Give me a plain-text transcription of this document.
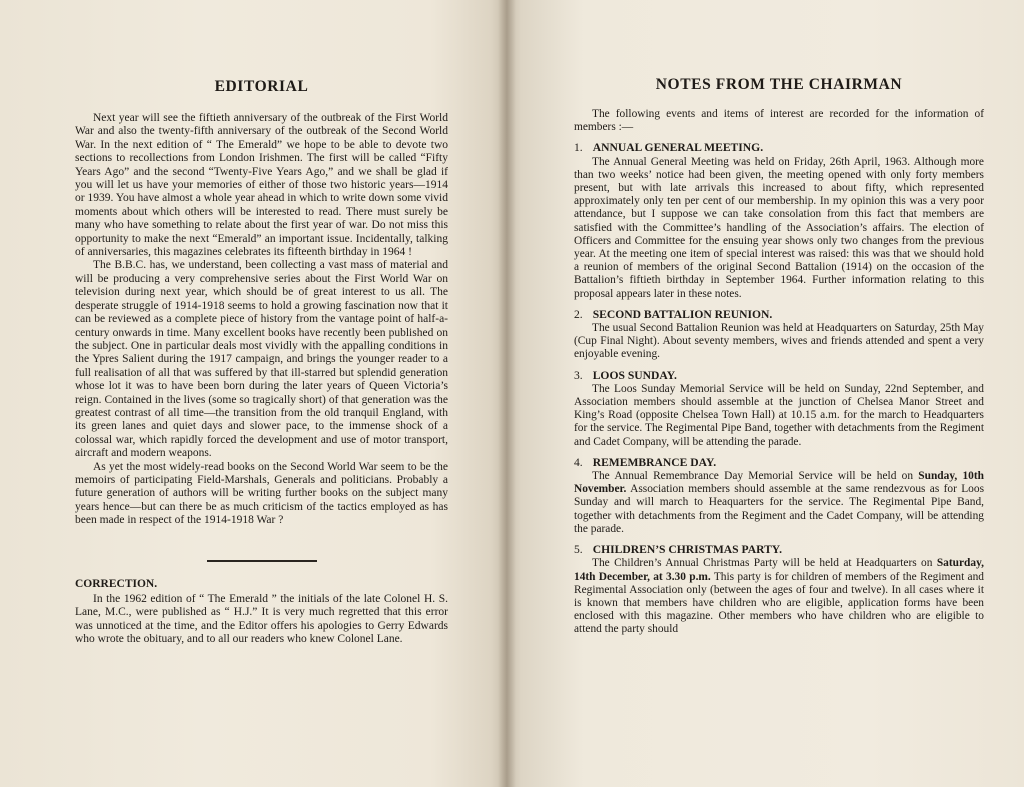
EDITORIAL

Next year will see the fiftieth anniversary of the outbreak of the First World War and also the twenty-fifth anniversary of the outbreak of the Second World War. In the next edition of “ The Emerald” we hope to be able to devote two sections to recollections from London Irishmen. The first will be called “Fifty Years Ago” and the second “Twenty-Five Years Ago,” and we shall be glad if you will let us have your memories of either of those two historic years—1914 or 1939. You have almost a whole year ahead in which to write down some vivid moments about which others will be interested to read. There must surely be many who have something to relate about the first year of war. Do not miss this opportunity to make the next “Emerald” an important issue. Incidentally, talking of anniversaries, this magazines celebrates its fifteenth birthday in 1964 !

The B.B.C. has, we understand, been collecting a vast mass of material and will be producing a very comprehensive series about the First World War on television during next year, which should be of great interest to us all. The desperate struggle of 1914-1918 seems to hold a growing fascination now that it can be reviewed as a complete piece of history from the vantage point of half-a-century onwards in time. Many excellent books have recently been published on the subject. One in particular deals most vividly with the appalling conditions in the Ypres Salient during the 1917 campaign, and brings the younger reader to a full realisation of all that was suffered by that ill-starred but splendid generation whose lot it was to have been born during the later years of Queen Victoria’s reign. Contained in the lives (some so tragically short) of that generation was the greatest contrast of all time—the transition from the old tranquil England, with its green lanes and quiet days and slower pace, to the immense shock of a colossal war, which rapidly forced the development and use of motor transport, aircraft and modern weapons.

As yet the most widely-read books on the Second World War seem to be the memoirs of participating Field-Marshals, Generals and politicians. Probably a future generation of authors will be writing further books on the subject many years hence—but can there be as much criticism of the tactics employed as has been made in respect of the 1914-1918 War ?

CORRECTION.

In the 1962 edition of “ The Emerald ” the initials of the late Colonel H. S. Lane, M.C., were published as “ H.J.” It is very much regretted that this error was unnoticed at the time, and the Editor offers his apologies to Gerry Edwards who wrote the obituary, and to all our readers who knew Colonel Lane.

NOTES FROM THE CHAIRMAN

The following events and items of interest are recorded for the information of members :—

1. ANNUAL GENERAL MEETING.

The Annual General Meeting was held on Friday, 26th April, 1963. Although more than two weeks’ notice had been given, the meeting opened with only forty members present, but with late arrivals this increased to about fifty, which represented approximately only ten per cent of our membership. In my opinion this was a very poor attendance, but I suppose we can take consolation from this fact that members are satisfied with the Committee’s handling of the Association’s affairs. The election of Officers and Committee for the ensuing year shows only two changes from the previous year. At the meeting one item of special interest was raised: this was that we should hold a reunion of members of the original Second Battalion (1914) on the occasion of the Battalion’s fiftieth birthday in September 1964. Further information relating to this proposal appears later in these notes.

2. SECOND BATTALION REUNION.

The usual Second Battalion Reunion was held at Headquarters on Saturday, 25th May (Cup Final Night). About seventy members, wives and friends attended and spent a very enjoyable evening.

3. LOOS SUNDAY.

The Loos Sunday Memorial Service will be held on Sunday, 22nd September, and Association members should assemble at the junction of Chelsea Manor Street and King’s Road (opposite Chelsea Town Hall) at 10.15 a.m. for the march to Headquarters for the service. The Regimental Pipe Band, together with detachments from the Regiment and Cadet Company, will be attending the parade.

4. REMEMBRANCE DAY.

The Annual Remembrance Day Memorial Service will be held on Sunday, 10th November. Association members should assemble at the same rendezvous as for Loos Sunday and will march to Heaquarters for the service. The Regimental Pipe Band, together with detachments from the Regiment and the Cadet Company, will be attending the parade.

5. CHILDREN’S CHRISTMAS PARTY.

The Children’s Annual Christmas Party will be held at Headquarters on Saturday, 14th December, at 3.30 p.m. This party is for children of members of the Regiment and Regimental Association only (between the ages of four and twelve). In all cases where it is known that members have children who are eligible, application forms have been enclosed with this magazine. Other members who have children who are eligible to attend the party should
